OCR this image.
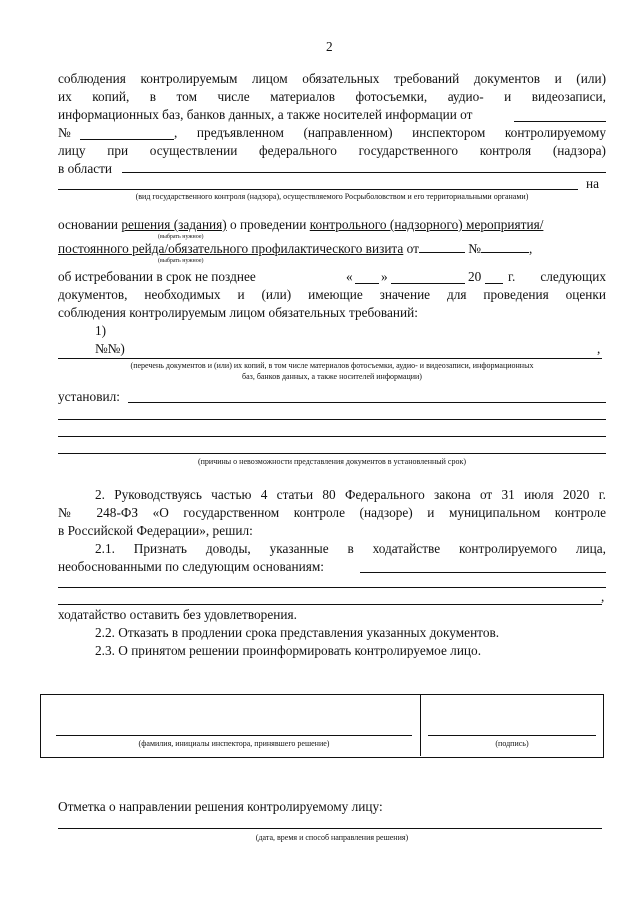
2
соблюдения контролируемым лицом обязательных требований документов и (или)
их копий, в том числе материалов фотосъемки, аудио- и видеозаписи,
информационных баз, банков данных, а также носителей информации от
№	, предъявленном (направленном) инспектором контролируемому
лицу при осуществлении федерального государственного контроля (надзора)
в области
на
(вид государственного контроля (надзора), осуществляемого Росрыболовством и его территориальными органами)
основании решения (задания) о проведении контрольного (надзорного) мероприятия/
(выбрать нужное)
постоянного рейда/обязательного профилактического визита от	№	,
(выбрать нужное)
об истребовании в срок не позднее	« »	20 г. следующих
документов, необходимых и (или) имеющие значение для проведения оценки
соблюдения контролируемым лицом обязательных требований:
1)
№№)	,
(перечень документов и (или) их копий, в том числе материалов фотосъемки, аудио- и видеозаписи, информационных
баз, банков данных, а также носителей информации)
установил:
(причины о невозможности представления документов в установленный срок)
2. Руководствуясь частью 4 статьи 80 Федерального закона от 31 июля 2020 г.
№ 248-ФЗ «О государственном контроле (надзоре) и муниципальном контроле
в Российской Федерации», решил:
2.1. Признать доводы, указанные в ходатайстве контролируемого лица,
необоснованными по следующим основаниям:
,
ходатайство оставить без удовлетворения.
2.2. Отказать в продлении срока представления указанных документов.
2.3. О принятом решении проинформировать контролируемое лицо.
(фамилия, инициалы инспектора, принявшего решение)	(подпись)
Отметка о направлении решения контролируемому лицу:
(дата, время и способ направления решения)
